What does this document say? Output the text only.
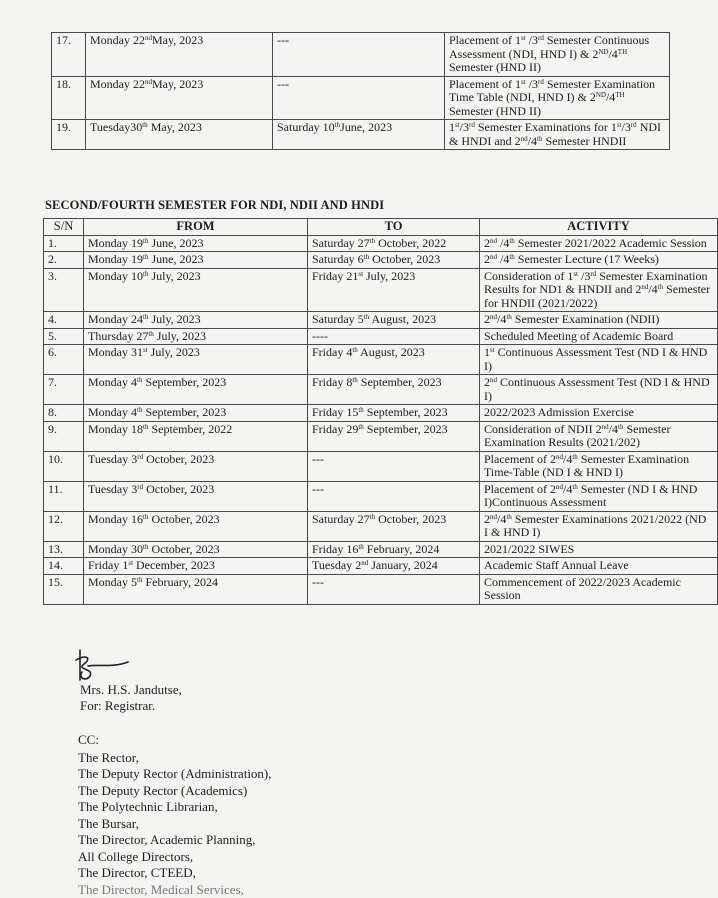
17.	Monday 22ndMay, 2023	---	Placement of 1st /3rd Semester Continuous Assessment (NDI, HND I) & 2ND/4TH Semester (HND II)
18.	Monday 22ndMay, 2023	---	Placement of 1st /3rd Semester Examination Time Table (NDI, HND I) & 2ND/4TH Semester (HND II)
19.	Tuesday30th May, 2023	Saturday 10thJune, 2023	1st/3rd Semester Examinations for 1st/3rd NDI & HNDI and 2nd/4th Semester HNDII
SECOND/FOURTH SEMESTER FOR NDI, NDII AND HNDI
S/N	FROM	TO	ACTIVITY
1.	Monday 19th June, 2023	Saturday 27th October, 2022	2nd /4th Semester 2021/2022 Academic Session
2.	Monday 19th June, 2023	Saturday 6th October, 2023	2nd /4th Semester Lecture (17 Weeks)
3.	Monday 10th July, 2023	Friday 21st July, 2023	Consideration of 1st /3rd Semester Examination Results for ND1 & HNDII and 2nd/4th Semester for HNDII (2021/2022)
4.	Monday 24th July, 2023	Saturday 5th August, 2023	2nd/4th Semester Examination (NDII)
5.	Thursday 27th July, 2023	----	Scheduled Meeting of Academic Board
6.	Monday 31st July, 2023	Friday 4th August, 2023	1st Continuous Assessment Test (ND I & HND I)
7.	Monday 4th September, 2023	Friday 8th September, 2023	2nd Continuous Assessment Test (ND I & HND I)
8.	Monday 4th September, 2023	Friday 15th September, 2023	2022/2023 Admission Exercise
9.	Monday 18th September, 2022	Friday 29th September, 2023	Consideration of NDII 2nd/4th Semester Examination Results (2021/202)
10.	Tuesday 3rd October, 2023	---	Placement of 2nd/4th Semester Examination Time-Table (ND I & HND I)
11.	Tuesday 3rd October, 2023	---	Placement of 2nd/4th Semester (ND I & HND I)Continuous Assessment
12.	Monday 16th October, 2023	Saturday 27th October, 2023	2nd/4th Semester Examinations 2021/2022 (ND I & HND I)
13.	Monday 30th October, 2023	Friday 16th February, 2024	2021/2022 SIWES
14.	Friday 1st December, 2023	Tuesday 2nd January, 2024	Academic Staff Annual Leave
15.	Monday 5th February, 2024	---	Commencement of 2022/2023 Academic Session
Mrs. H.S. Jandutse,
For: Registrar.
CC:
The Rector,
The Deputy Rector (Administration),
The Deputy Rector (Academics)
The Polytechnic Librarian,
The Bursar,
The Director, Academic Planning,
All College Directors,
The Director, CTEED,
The Director, Medical Services,
